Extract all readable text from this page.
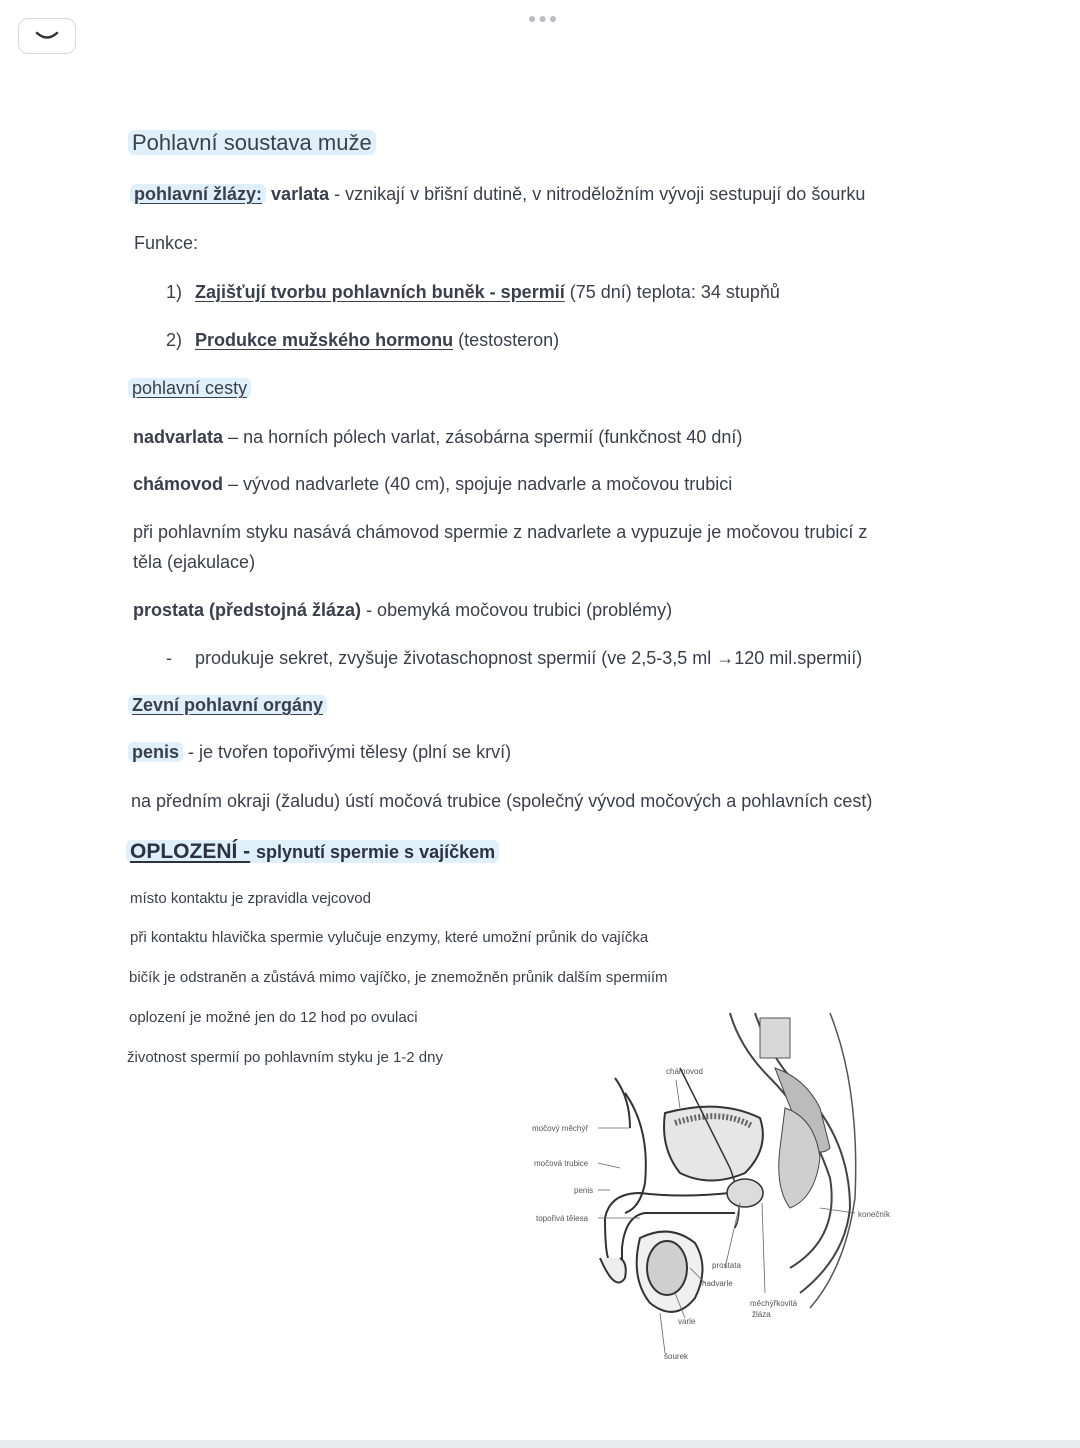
●●●
Pohlavní soustava muže
pohlavní žlázy: varlata - vznikají v břišní dutině, v nitroděložním vývoji sestupují do šourku
Funkce:
1) Zajišťují tvorbu pohlavních buněk - spermií (75 dní) teplota: 34 stupňů
2) Produkce mužského hormonu (testosteron)
pohlavní cesty
nadvarlata – na horních pólech varlat, zásobárna spermií (funkčnost 40 dní)
chámovod – vývod nadvarlete (40 cm), spojuje nadvarle a močovou trubici
při pohlavním styku nasává chámovod spermie z nadvarlete a vypuzuje je močovou trubicí z
těla (ejakulace)
prostata (předstojná žláza) - obemyká močovou trubici (problémy)
- produkuje sekret, zvyšuje životaschopnost spermií (ve 2,5-3,5 ml →120 mil.spermií)
Zevní pohlavní orgány
penis - je tvořen topořivými tělesy (plní se krví)
na předním okraji (žaludu) ústí močová trubice (společný vývod močových a pohlavních cest)
OPLOZENÍ - splynutí spermie s vajíčkem
místo kontaktu je zpravidla vejcovod
při kontaktu hlavička spermie vylučuje enzymy, které umožní průnik do vajíčka
bičík je odstraněn a zůstává mimo vajíčko, je znemožněn průnik dalším spermiím
oplození je možné jen do 12 hod po ovulaci
životnost spermií po pohlavním styku je 1-2 dny
chámovod
močový měchýř
močová trubice
penis
topořivá tělesa
prostata
nadvarle
varle
šourek
měchýřkovitá
žláza
konečník
